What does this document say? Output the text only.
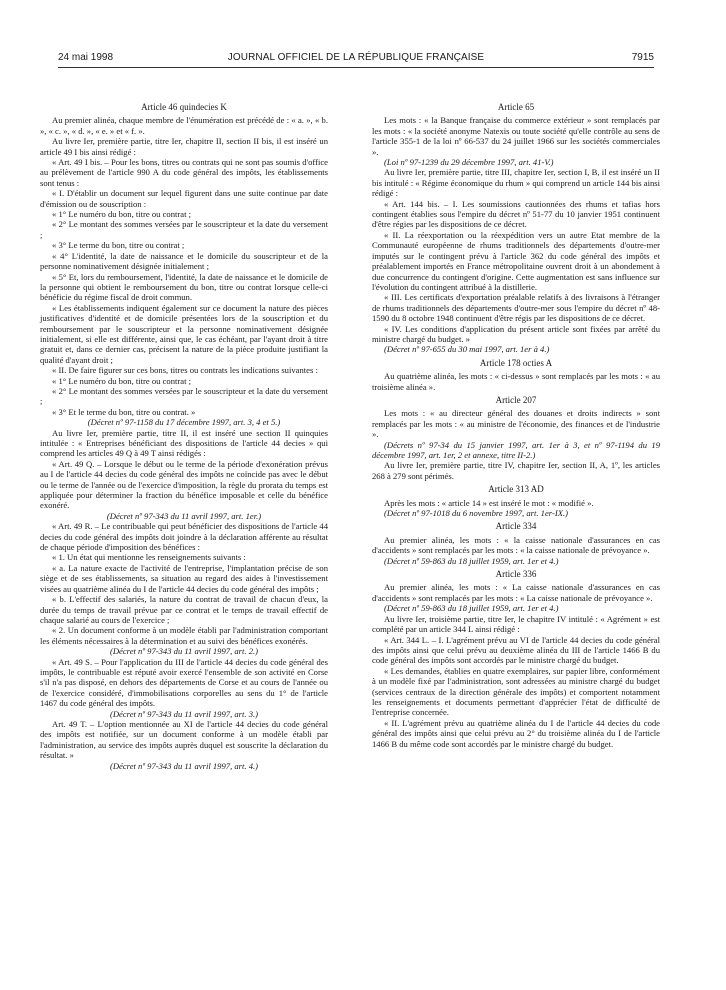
24 mai 1998	JOURNAL OFFICIEL DE LA RÉPUBLIQUE FRANÇAISE	7915

Article 46 quindecies K

Au premier alinéa, chaque membre de l'énumération est précédé de : « a. », « b. », « c. », « d. », « e. » et « f. ».

Au livre Ier, première partie, titre Ier, chapitre II, section II bis, il est inséré un article 49 I bis ainsi rédigé :

« Art. 49 I bis. – Pour les bons, titres ou contrats qui ne sont pas soumis d'office au prélèvement de l'article 990 A du code général des impôts, les établissements sont tenus :

« I. D'établir un document sur lequel figurent dans une suite continue par date d'émission ou de souscription :

« 1° Le numéro du bon, titre ou contrat ;

« 2° Le montant des sommes versées par le souscripteur et la date du versement ;

« 3° Le terme du bon, titre ou contrat ;

« 4° L'identité, la date de naissance et le domicile du souscripteur et de la personne nominativement désignée initialement ;

« 5° Et, lors du remboursement, l'identité, la date de naissance et le domicile de la personne qui obtient le remboursement du bon, titre ou contrat lorsque celle-ci bénéficie du régime fiscal de droit commun.

« Les établissements indiquent également sur ce document la nature des pièces justificatives d'identité et de domicile présentées lors de la souscription et du remboursement par le souscripteur et la personne nominativement désignée initialement, si elle est différente, ainsi que, le cas échéant, par l'ayant droit à titre gratuit et, dans ce dernier cas, précisent la nature de la pièce produite justifiant la qualité d'ayant droit ;

« II. De faire figurer sur ces bons, titres ou contrats les indications suivantes :

« 1° Le numéro du bon, titre ou contrat ;

« 2° Le montant des sommes versées par le souscripteur et la date du versement ;

« 3° Et le terme du bon, titre ou contrat. »

(Décret nº 97-1158 du 17 décembre 1997, art. 3, 4 et 5.)

Au livre Ier, première partie, titre II, il est inséré une section II quinquies intitulée : « Entreprises bénéficiant des dispositions de l'article 44 decies » qui comprend les articles 49 Q à 49 T ainsi rédigés :

« Art. 49 Q. – Lorsque le début ou le terme de la période d'exonération prévus au I de l'article 44 decies du code général des impôts ne coïncide pas avec le début ou le terme de l'année ou de l'exercice d'imposition, la règle du prorata du temps est appliquée pour déterminer la fraction du bénéfice imposable et celle du bénéfice exonéré.

(Décret nº 97-343 du 11 avril 1997, art. 1er.)

« Art. 49 R. – Le contribuable qui peut bénéficier des dispositions de l'article 44 decies du code général des impôts doit joindre à la déclaration afférente au résultat de chaque période d'imposition des bénéfices :

« 1. Un état qui mentionne les renseignements suivants :

« a. La nature exacte de l'activité de l'entreprise, l'implantation précise de son siège et de ses établissements, sa situation au regard des aides à l'investissement visées au quatrième alinéa du I de l'article 44 decies du code général des impôts ;

« b. L'effectif des salariés, la nature du contrat de travail de chacun d'eux, la durée du temps de travail prévue par ce contrat et le temps de travail effectif de chaque salarié au cours de l'exercice ;

« 2. Un document conforme à un modèle établi par l'administration comportant les éléments nécessaires à la détermination et au suivi des bénéfices exonérés.

(Décret nº 97-343 du 11 avril 1997, art. 2.)

« Art. 49 S. – Pour l'application du III de l'article 44 decies du code général des impôts, le contribuable est réputé avoir exercé l'ensemble de son activité en Corse s'il n'a pas disposé, en dehors des départements de Corse et au cours de l'année ou de l'exercice considéré, d'immobilisations corporelles au sens du 1° de l'article 1467 du code général des impôts.

(Décret nº 97-343 du 11 avril 1997, art. 3.)

Art. 49 T. – L'option mentionnée au XI de l'article 44 decies du code général des impôts est notifiée, sur un document conforme à un modèle établi par l'administration, au service des impôts auprès duquel est souscrite la déclaration du résultat. »

(Décret nº 97-343 du 11 avril 1997, art. 4.)

Article 65

Les mots : « la Banque française du commerce extérieur » sont remplacés par les mots : « la société anonyme Natexis ou toute société qu'elle contrôle au sens de l'article 355-1 de la loi nº 66-537 du 24 juillet 1966 sur les sociétés commerciales ».

(Loi nº 97-1239 du 29 décembre 1997, art. 41-V.)

Au livre Ier, première partie, titre III, chapitre Ier, section I, B, il est inséré un II bis intitulé : « Régime économique du rhum » qui comprend un article 144 bis ainsi rédigé :

« Art. 144 bis. – I. Les soumissions cautionnées des rhums et tafias hors contingent établies sous l'empire du décret nº 51-77 du 10 janvier 1951 continuent d'être régies par les dispositions de ce décret.

« II. La réexportation ou la réexpédition vers un autre Etat membre de la Communauté européenne de rhums traditionnels des départements d'outre-mer imputés sur le contingent prévu à l'article 362 du code général des impôts et préalablement importés en France métropolitaine ouvrent droit à un abondement à due concurrence du contingent d'origine. Cette augmentation est sans influence sur l'évolution du contingent attribué à la distillerie.

« III. Les certificats d'exportation préalable relatifs à des livraisons à l'étranger de rhums traditionnels des départements d'outre-mer sous l'empire du décret nº 48-1590 du 8 octobre 1948 continuent d'être régis par les dispositions de ce décret.

« IV. Les conditions d'application du présent article sont fixées par arrêté du ministre chargé du budget. »

(Décret nº 97-655 du 30 mai 1997, art. 1er à 4.)

Article 178 octies A

Au quatrième alinéa, les mots : « ci-dessus » sont remplacés par les mots : « au troisième alinéa ».

Article 207

Les mots : « au directeur général des douanes et droits indirects » sont remplacés par les mots : « au ministre de l'économie, des finances et de l'industrie ».

(Décrets nº 97-34 du 15 janvier 1997, art. 1er à 3, et nº 97-1194 du 19 décembre 1997, art. 1er, 2 et annexe, titre II-2.)

Au livre Ier, première partie, titre IV, chapitre Ier, section II, A, 1º, les articles 268 à 279 sont périmés.

Article 313 AD

Après les mots : « article 14 » est inséré le mot : « modifié ».

(Décret nº 97-1018 du 6 novembre 1997, art. 1er-IX.)

Article 334

Au premier alinéa, les mots : « la caisse nationale d'assurances en cas d'accidents » sont remplacés par les mots : « la caisse nationale de prévoyance ».

(Décret nº 59-863 du 18 juillet 1959, art. 1er et 4.)

Article 336

Au premier alinéa, les mots : « La caisse nationale d'assurances en cas d'accidents » sont remplacés par les mots : « La caisse nationale de prévoyance ».

(Décret nº 59-863 du 18 juillet 1959, art. 1er et 4.)

Au livre Ier, troisième partie, titre Ier, le chapitre IV intitulé : « Agrément » est complété par un article 344 L ainsi rédigé :

« Art. 344 L. – I. L'agrément prévu au VI de l'article 44 decies du code général des impôts ainsi que celui prévu au deuxième alinéa du III de l'article 1466 B du code général des impôts sont accordés par le ministre chargé du budget.

« Les demandes, établies en quatre exemplaires, sur papier libre, conformément à un modèle fixé par l'administration, sont adressées au ministre chargé du budget (services centraux de la direction générale des impôts) et comportent notamment les renseignements et documents permettant d'apprécier l'état de difficulté de l'entreprise concernée.

« II. L'agrément prévu au quatrième alinéa du I de l'article 44 decies du code général des impôts ainsi que celui prévu au 2° du troisième alinéa du I de l'article 1466 B du même code sont accordés par le ministre chargé du budget.
